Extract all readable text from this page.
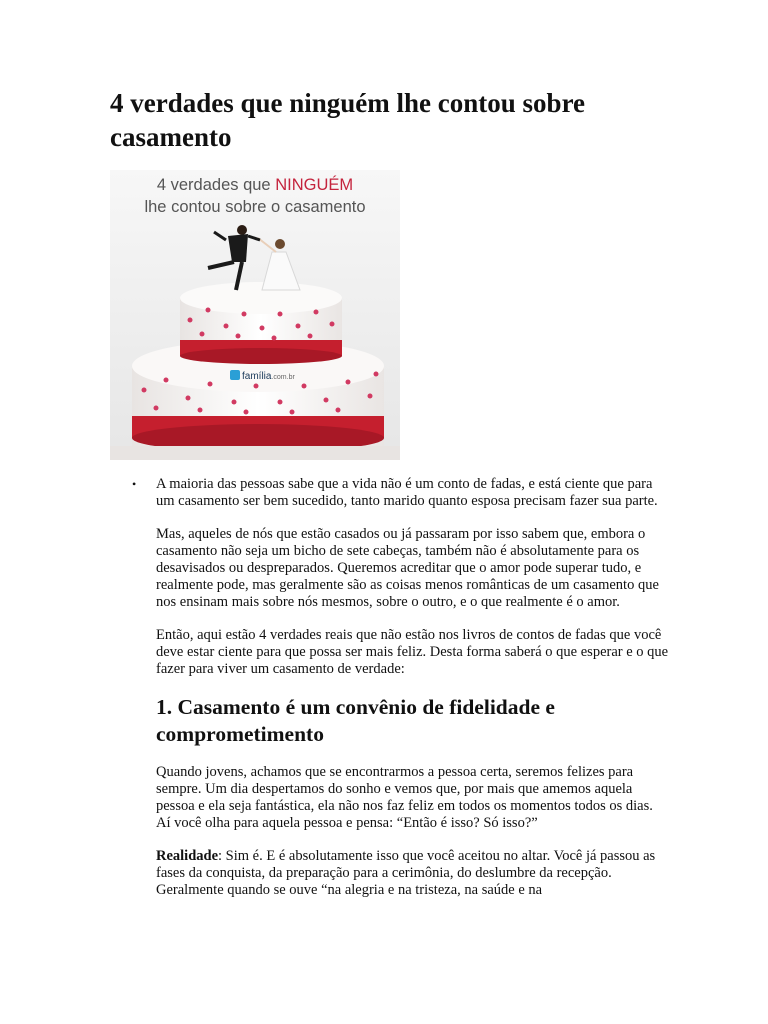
4 verdades que ninguém lhe contou sobre casamento
4 verdades que NINGUÉM
lhe contou sobre o casamento
família.com.br
• A maioria das pessoas sabe que a vida não é um conto de fadas, e está ciente que para um casamento ser bem sucedido, tanto marido quanto esposa precisam fazer sua parte.

Mas, aqueles de nós que estão casados ou já passaram por isso sabem que, embora o casamento não seja um bicho de sete cabeças, também não é absolutamente para os desavisados ou despreparados. Queremos acreditar que o amor pode superar tudo, e realmente pode, mas geralmente são as coisas menos românticas de um casamento que nos ensinam mais sobre nós mesmos, sobre o outro, e o que realmente é o amor.

Então, aqui estão 4 verdades reais que não estão nos livros de contos de fadas que você deve estar ciente para que possa ser mais feliz. Desta forma saberá o que esperar e o que fazer para viver um casamento de verdade:

1. Casamento é um convênio de fidelidade e comprometimento

Quando jovens, achamos que se encontrarmos a pessoa certa, seremos felizes para sempre. Um dia despertamos do sonho e vemos que, por mais que amemos aquela pessoa e ela seja fantástica, ela não nos faz feliz em todos os momentos todos os dias. Aí você olha para aquela pessoa e pensa: “Então é isso? Só isso?”

Realidade: Sim é. E é absolutamente isso que você aceitou no altar. Você já passou as fases da conquista, da preparação para a cerimônia, do deslumbre da recepção. Geralmente quando se ouve “na alegria e na tristeza, na saúde e na
